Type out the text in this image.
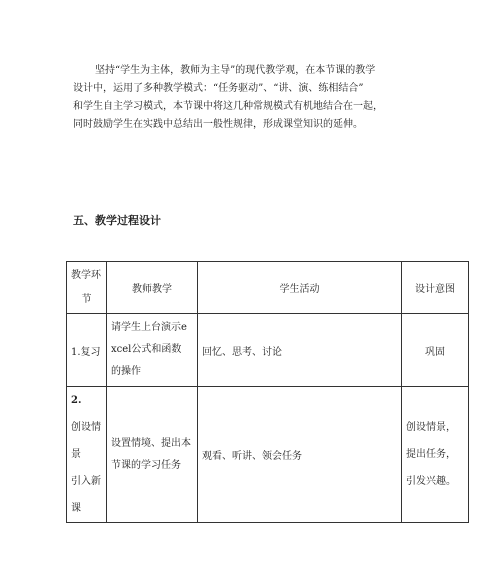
坚持“学生为主体，教师为主导”的现代教学观，在本节课的教学
设计中，运用了多种教学模式：“任务驱动”、“讲、演、练相结合”
和学生自主学习模式，本节课中将这几种常规模式有机地结合在一起，
同时鼓励学生在实践中总结出一般性规律，形成课堂知识的延伸。
五、教学过程设计
教学环

节	教师教学	学生活动	设计意图
1.复习	请学生上台演示e
xcel公式和函数
的操作	回忆、思考、讨论	巩固
2.
创设情
景
引入新
课	设置情境、提出本
节课的学习任务	观看、听讲、领会任务	创设情景，
提出任务，
引发兴趣。
